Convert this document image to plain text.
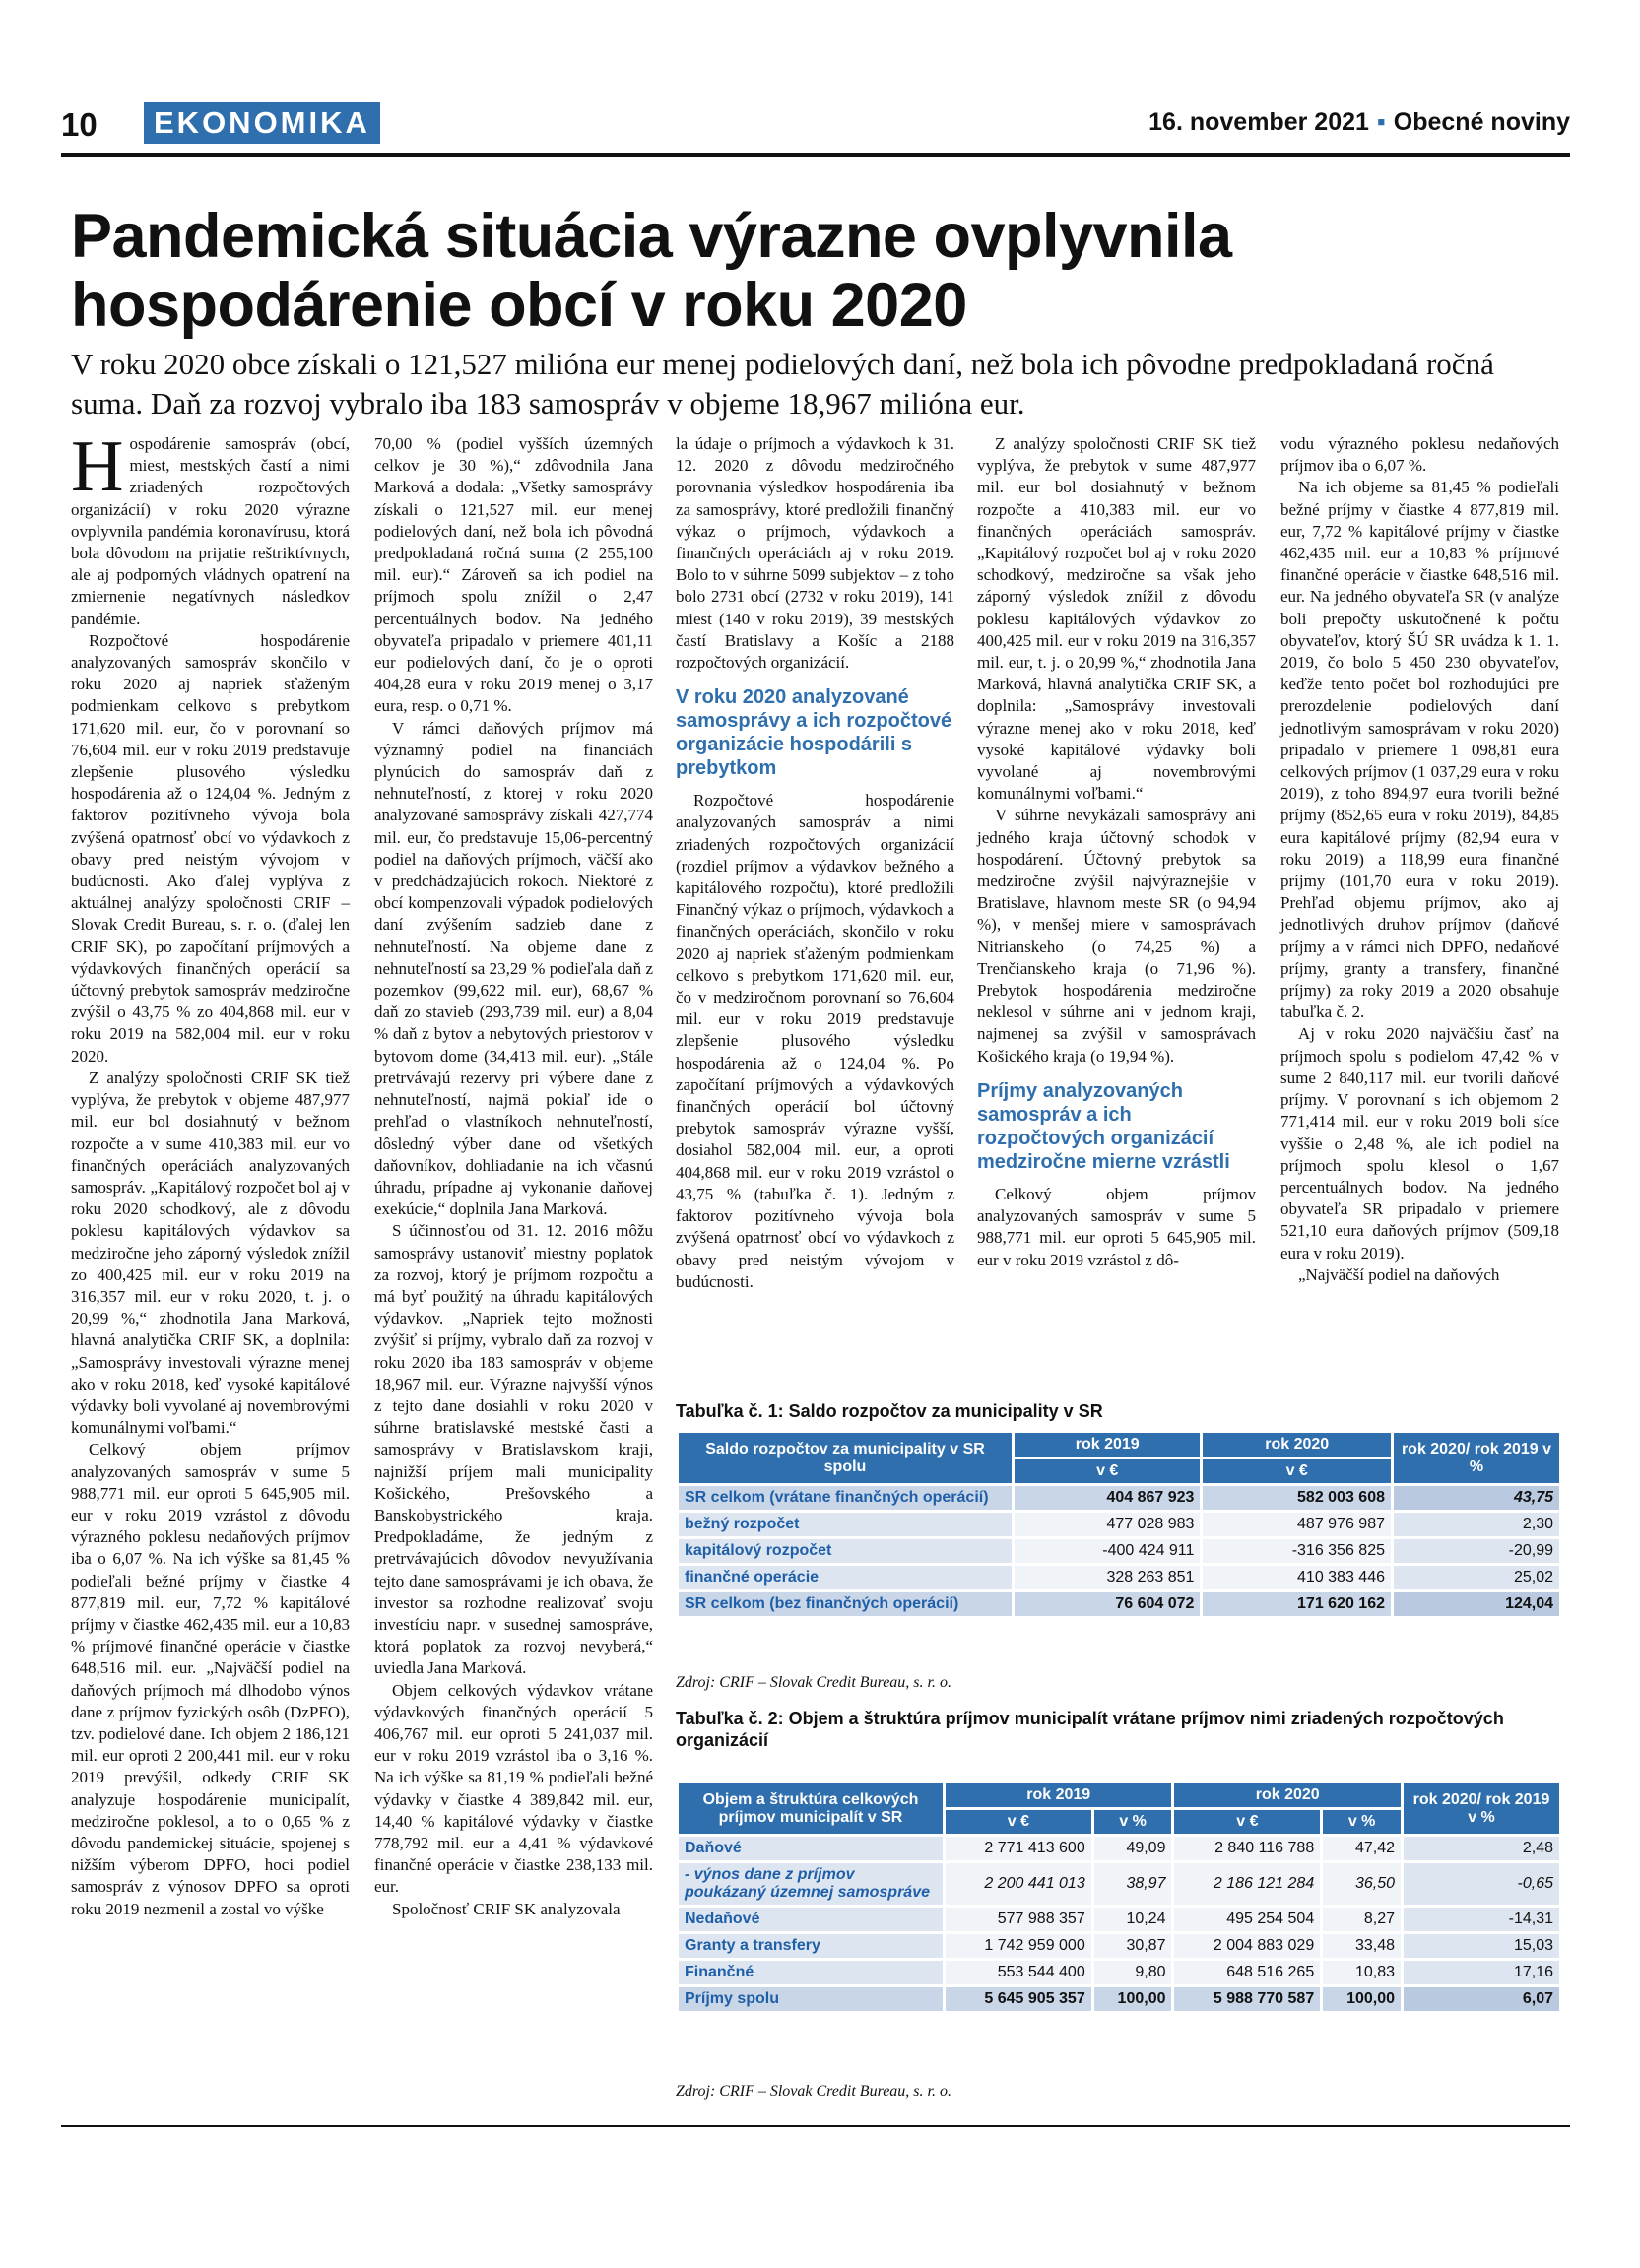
10	EKONOMIKA	16. november 2021 ▪ Obecné noviny
Pandemická situácia výrazne ovplyvnila hospodárenie obcí v roku 2020
V roku 2020 obce získali o 121,527 milióna eur menej podielových daní, než bola ich pôvodne predpokladaná ročná suma. Daň za rozvoj vybralo iba 183 samospráv v objeme 18,967 milióna eur.
H ospodárenie samospráv (obcí, miest, mestských častí a nimi zriadených rozpočtových organizácií) v roku 2020 výrazne ovplyvnila pandémia koronavírusu, ktorá bola dôvodom na prijatie reštriktívnych, ale aj podporných vládnych opatrení na zmiernenie negatívnych následkov pandémie.

Rozpočtové hospodárenie analyzovaných samospráv skončilo v roku 2020 aj napriek sťaženým podmienkam celkovo s prebytkom 171,620 mil. eur, čo v porovnaní so 76,604 mil. eur v roku 2019 predstavuje zlepšenie plusového výsledku hospodárenia až o 124,04 %. Jedným z faktorov pozitívneho vývoja bola zvýšená opatrnosť obcí vo výdavkoch z obavy pred neistým vývojom v budúcnosti. Ako ďalej vyplýva z aktuálnej analýzy spoločnosti CRIF – Slovak Credit Bureau, s. r. o. (ďalej len CRIF SK), po započítaní príjmových a výdavkových finančných operácií sa účtovný prebytok samospráv medziročne zvýšil o 43,75 % zo 404,868 mil. eur v roku 2019 na 582,004 mil. eur v roku 2020.

Z analýzy spoločnosti CRIF SK tiež vyplýva, že prebytok v objeme 487,977 mil. eur bol dosiahnutý v bežnom rozpočte a v sume 410,383 mil. eur vo finančných operáciách analyzovaných samospráv. „Kapitálový rozpočet bol aj v roku 2020 schodkový, ale z dôvodu poklesu kapitálových výdavkov sa medziročne jeho záporný výsledok znížil zo 400,425 mil. eur v roku 2019 na 316,357 mil. eur v roku 2020, t. j. o 20,99 %,“ zhodnotila Jana Marková, hlavná analytička CRIF SK, a doplnila: „Samosprávy investovali výrazne menej ako v roku 2018, keď vysoké kapitálové výdavky boli vyvolané aj novembrovými komunálnymi voľbami.“

Celkový objem príjmov analyzovaných samospráv v sume 5 988,771 mil. eur oproti 5 645,905 mil. eur v roku 2019 vzrástol z dôvodu výrazného poklesu nedaňových príjmov iba o 6,07 %. Na ich výške sa 81,45 % podieľali bežné príjmy v čiastke 4 877,819 mil. eur, 7,72 % kapitálové príjmy v čiastke 462,435 mil. eur a 10,83 % príjmové finančné operácie v čiastke 648,516 mil. eur. „Najväčší podiel na daňových príjmoch má dlhodobo výnos dane z príjmov fyzických osôb (DzPFO), tzv. podielové dane. Ich objem 2 186,121 mil. eur oproti 2 200,441 mil. eur v roku 2019 prevýšil, odkedy CRIF SK analyzuje hospodárenie municipalít, medziročne poklesol, a to o 0,65 % z dôvodu pandemickej situácie, spojenej s nižším výberom DPFO, hoci podiel samospráv z výnosov DPFO sa oproti roku 2019 nezmenil a zostal vo výške

70,00 % (podiel vyšších územných celkov je 30 %),“ zdôvodnila Jana Marková a dodala: „Všetky samosprávy získali o 121,527 mil. eur menej podielových daní, než bola ich pôvodná predpokladaná ročná suma (2 255,100 mil. eur).“ Zároveň sa ich podiel na príjmoch spolu znížil o 2,47 percentuálnych bodov. Na jedného obyvateľa pripadalo v priemere 401,11 eur podielových daní, čo je o oproti 404,28 eura v roku 2019 menej o 3,17 eura, resp. o 0,71 %.

V rámci daňových príjmov má významný podiel na financiách plynúcich do samospráv daň z nehnuteľností, z ktorej v roku 2020 analyzované samosprávy získali 427,774 mil. eur, čo predstavuje 15,06-percentný podiel na daňových príjmoch, väčší ako v predchádzajúcich rokoch. Niektoré z obcí kompenzovali výpadok podielových daní zvýšením sadzieb dane z nehnuteľností. Na objeme dane z nehnuteľností sa 23,29 % podieľala daň z pozemkov (99,622 mil. eur), 68,67 % daň zo stavieb (293,739 mil. eur) a 8,04 % daň z bytov a nebytových priestorov v bytovom dome (34,413 mil. eur). „Stále pretrvávajú rezervy pri výbere dane z nehnuteľností, najmä pokiaľ ide o prehľad o vlastníkoch nehnuteľností, dôsledný výber dane od všetkých daňovníkov, dohliadanie na ich včasnú úhradu, prípadne aj vykonanie daňovej exekúcie,“ doplnila Jana Marková.

S účinnosťou od 31. 12. 2016 môžu samosprávy ustanoviť miestny poplatok za rozvoj, ktorý je príjmom rozpočtu a má byť použitý na úhradu kapitálových výdavkov. „Napriek tejto možnosti zvýšiť si príjmy, vybralo daň za rozvoj v roku 2020 iba 183 samospráv v objeme 18,967 mil. eur. Výrazne najvyšší výnos z tejto dane dosiahli v roku 2020 v súhrne bratislavské mestské časti a samosprávy v Bratislavskom kraji, najnižší príjem mali municipality Košického, Prešovského a Banskobystrického kraja. Predpokladáme, že jedným z pretrvávajúcich dôvodov nevyužívania tejto dane samosprávami je ich obava, že investor sa rozhodne realizovať svoju investíciu napr. v susednej samospráve, ktorá poplatok za rozvoj nevyberá,“ uviedla Jana Marková.

Objem celkových výdavkov vrátane výdavkových finančných operácií 5 406,767 mil. eur oproti 5 241,037 mil. eur v roku 2019 vzrástol iba o 3,16 %. Na ich výške sa 81,19 % podieľali bežné výdavky v čiastke 4 389,842 mil. eur, 14,40 % kapitálové výdavky v čiastke 778,792 mil. eur a 4,41 % výdavkové finančné operácie v čiastke 238,133 mil. eur.

Spoločnosť CRIF SK analyzovala

la údaje o príjmoch a výdavkoch k 31. 12. 2020 z dôvodu medziročného porovnania výsledkov hospodárenia iba za samosprávy, ktoré predložili finančný výkaz o príjmoch, výdavkoch a finančných operáciách aj v roku 2019. Bolo to v súhrne 5099 subjektov – z toho bolo 2731 obcí (2732 v roku 2019), 141 miest (140 v roku 2019), 39 mestských častí Bratislavy a Košíc a 2188 rozpočtových organizácií.

V roku 2020 analyzované samosprávy a ich rozpočtové organizácie hospodárili s prebytkom

Rozpočtové hospodárenie analyzovaných samospráv a nimi zriadených rozpočtových organizácií (rozdiel príjmov a výdavkov bežného a kapitálového rozpočtu), ktoré predložili Finančný výkaz o príjmoch, výdavkoch a finančných operáciách, skončilo v roku 2020 aj napriek sťaženým podmienkam celkovo s prebytkom 171,620 mil. eur, čo v medziročnom porovnaní so 76,604 mil. eur v roku 2019 predstavuje zlepšenie plusového výsledku hospodárenia až o 124,04 %. Po započítaní príjmových a výdavkových finančných operácií bol účtovný prebytok samospráv výrazne vyšší, dosiahol 582,004 mil. eur, a oproti 404,868 mil. eur v roku 2019 vzrástol o 43,75 % (tabuľka č. 1). Jedným z faktorov pozitívneho vývoja bola zvýšená opatrnosť obcí vo výdavkoch z obavy pred neistým vývojom v budúcnosti.

Z analýzy spoločnosti CRIF SK tiež vyplýva, že prebytok v sume 487,977 mil. eur bol dosiahnutý v bežnom rozpočte a 410,383 mil. eur vo finančných operáciách samospráv. „Kapitálový rozpočet bol aj v roku 2020 schodkový, medziročne sa však jeho záporný výsledok znížil z dôvodu poklesu kapitálových výdavkov zo 400,425 mil. eur v roku 2019 na 316,357 mil. eur, t. j. o 20,99 %,“ zhodnotila Jana Marková, hlavná analytička CRIF SK, a doplnila: „Samosprávy investovali výrazne menej ako v roku 2018, keď vysoké kapitálové výdavky boli vyvolané aj novembrovými komunálnymi voľbami.“

V súhrne nevykázali samosprávy ani jedného kraja účtovný schodok v hospodárení. Účtovný prebytok sa medziročne zvýšil najvýraznejšie v Bratislave, hlavnom meste SR (o 94,94 %), v menšej miere v samosprávach Nitrianskeho (o 74,25 %) a Trenčianskeho kraja (o 71,96 %). Prebytok hospodárenia medziročne neklesol v súhrne ani v jednom kraji, najmenej sa zvýšil v samosprávach Košického kraja (o 19,94 %).

Príjmy analyzovaných samospráv a ich rozpočtových organizácií medziročne mierne vzrástli

Celkový objem príjmov analyzovaných samospráv v sume 5 988,771 mil. eur oproti 5 645,905 mil. eur v roku 2019 vzrástol z dô-

vodu výrazného poklesu nedaňových príjmov iba o 6,07 %.

Na ich objeme sa 81,45 % podieľali bežné príjmy v čiastke 4 877,819 mil. eur, 7,72 % kapitálové príjmy v čiastke 462,435 mil. eur a 10,83 % príjmové finančné operácie v čiastke 648,516 mil. eur. Na jedného obyvateľa SR (v analýze boli prepočty uskutočnené k počtu obyvateľov, ktorý ŠÚ SR uvádza k 1. 1. 2019, čo bolo 5 450 230 obyvateľov, keďže tento počet bol rozhodujúci pre prerozdelenie podielových daní jednotlivým samosprávam v roku 2020) pripadalo v priemere 1 098,81 eura celkových príjmov (1 037,29 eura v roku 2019), z toho 894,97 eura tvorili bežné príjmy (852,65 eura v roku 2019), 84,85 eura kapitálové príjmy (82,94 eura v roku 2019) a 118,99 eura finančné príjmy (101,70 eura v roku 2019). Prehľad objemu príjmov, ako aj jednotlivých druhov príjmov (daňové príjmy a v rámci nich DPFO, nedaňové príjmy, granty a transfery, finančné príjmy) za roky 2019 a 2020 obsahuje tabuľka č. 2.

Aj v roku 2020 najväčšiu časť na príjmoch spolu s podielom 47,42 % v sume 2 840,117 mil. eur tvorili daňové príjmy. V porovnaní s ich objemom 2 771,414 mil. eur v roku 2019 boli síce vyššie o 2,48 %, ale ich podiel na príjmoch spolu klesol o 1,67 percentuálnych bodov. Na jedného obyvateľa SR pripadalo v priemere 521,10 eura daňových príjmov (509,18 eura v roku 2019).

„Najväčší podiel na daňových

Tabuľka č. 1: Saldo rozpočtov za municipality v SR
Saldo rozpočtov za municipality v SR spolu	rok 2019	rok 2020	rok 2020/ rok 2019 v %
	v €	v €	
SR celkom (vrátane finančných operácií)	404 867 923	582 003 608	43,75
bežný rozpočet	477 028 983	487 976 987	2,30
kapitálový rozpočet	-400 424 911	-316 356 825	-20,99
finančné operácie	328 263 851	410 383 446	25,02
SR celkom (bez finančných operácií)	76 604 072	171 620 162	124,04
Zdroj: CRIF – Slovak Credit Bureau, s. r. o.
Tabuľka č. 2: Objem a štruktúra príjmov municipalít vrátane príjmov nimi zriadených rozpočtových organizácií
Objem a štruktúra celkových príjmov municipalít v SR	rok 2019		rok 2020		rok 2020/ rok 2019 v %
	v €	v %	v €	v %	
Daňové	2 771 413 600	49,09	2 840 116 788	47,42	2,48
- výnos dane z príjmov poukázaný územnej samospráve	2 200 441 013	38,97	2 186 121 284	36,50	-0,65
Nedaňové	577 988 357	10,24	495 254 504	8,27	-14,31
Granty a transfery	1 742 959 000	30,87	2 004 883 029	33,48	15,03
Finančné	553 544 400	9,80	648 516 265	10,83	17,16
Príjmy spolu	5 645 905 357	100,00	5 988 770 587	100,00	6,07
Zdroj: CRIF – Slovak Credit Bureau, s. r. o.
